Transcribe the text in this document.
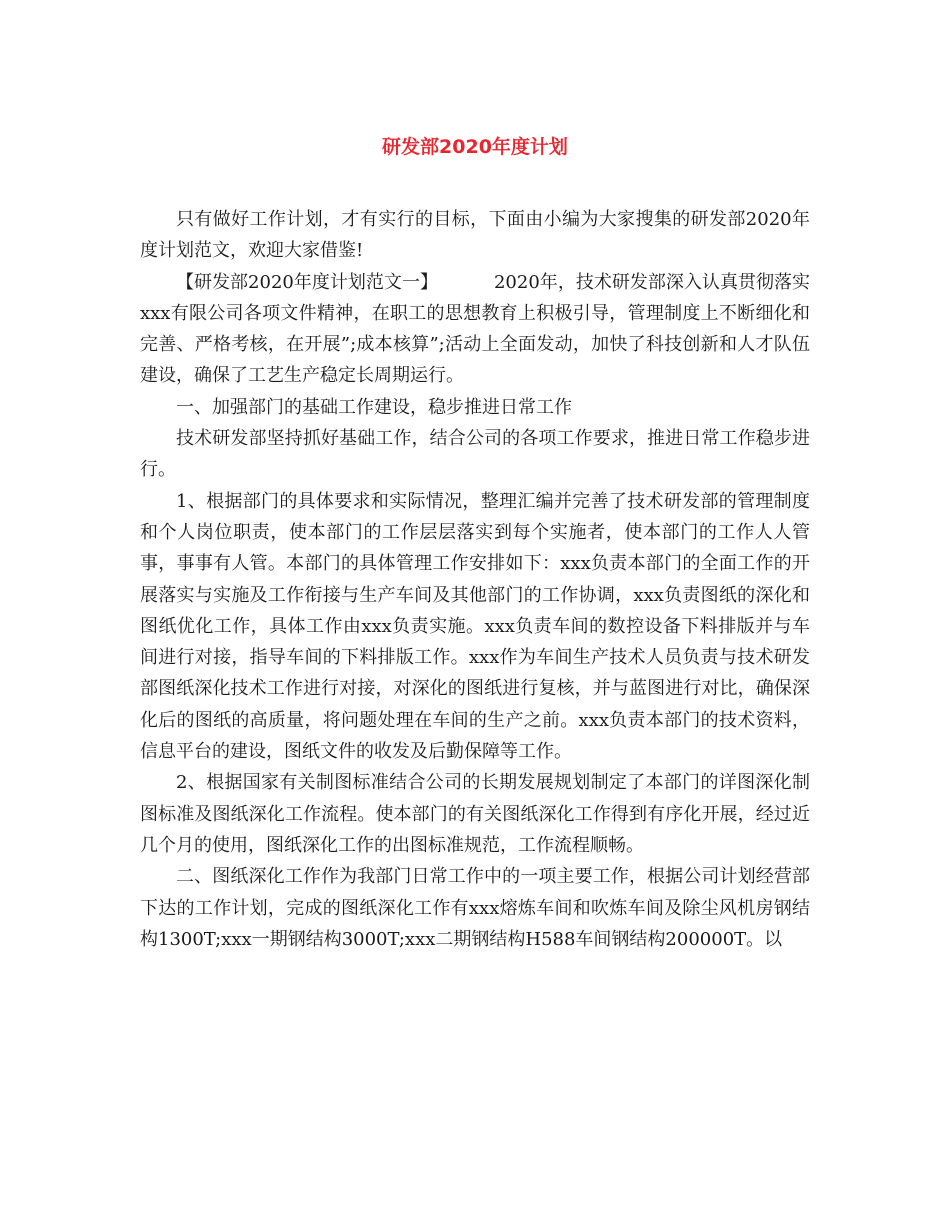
研发部2020年度计划

只有做好工作计划，才有实行的目标，下面由小编为大家搜集的研发部2020年度计划范文，欢迎大家借鉴!

【研发部2020年度计划范文一】	2020年，技术研发部深入认真贯彻落实xxx有限公司各项文件精神，在职工的思想教育上积极引导，管理制度上不断细化和完善、严格考核，在开展”;成本核算”;活动上全面发动，加快了科技创新和人才队伍建设，确保了工艺生产稳定长周期运行。

一、加强部门的基础工作建设，稳步推进日常工作

技术研发部坚持抓好基础工作，结合公司的各项工作要求，推进日常工作稳步进行。

1、根据部门的具体要求和实际情况，整理汇编并完善了技术研发部的管理制度和个人岗位职责，使本部门的工作层层落实到每个实施者，使本部门的工作人人管事，事事有人管。本部门的具体管理工作安排如下：xxx负责本部门的全面工作的开展落实与实施及工作衔接与生产车间及其他部门的工作协调，xxx负责图纸的深化和图纸优化工作，具体工作由xxx负责实施。xxx负责车间的数控设备下料排版并与车间进行对接，指导车间的下料排版工作。xxx作为车间生产技术人员负责与技术研发部图纸深化技术工作进行对接，对深化的图纸进行复核，并与蓝图进行对比，确保深化后的图纸的高质量，将问题处理在车间的生产之前。xxx负责本部门的技术资料，信息平台的建设，图纸文件的收发及后勤保障等工作。

2、根据国家有关制图标准结合公司的长期发展规划制定了本部门的详图深化制图标准及图纸深化工作流程。使本部门的有关图纸深化工作得到有序化开展，经过近几个月的使用，图纸深化工作的出图标准规范，工作流程顺畅。

二、图纸深化工作作为我部门日常工作中的一项主要工作，根据公司计划经营部下达的工作计划，完成的图纸深化工作有xxx熔炼车间和吹炼车间及除尘风机房钢结构1300T;xxx一期钢结构3000T;xxx二期钢结构H588车间钢结构200000T。以
